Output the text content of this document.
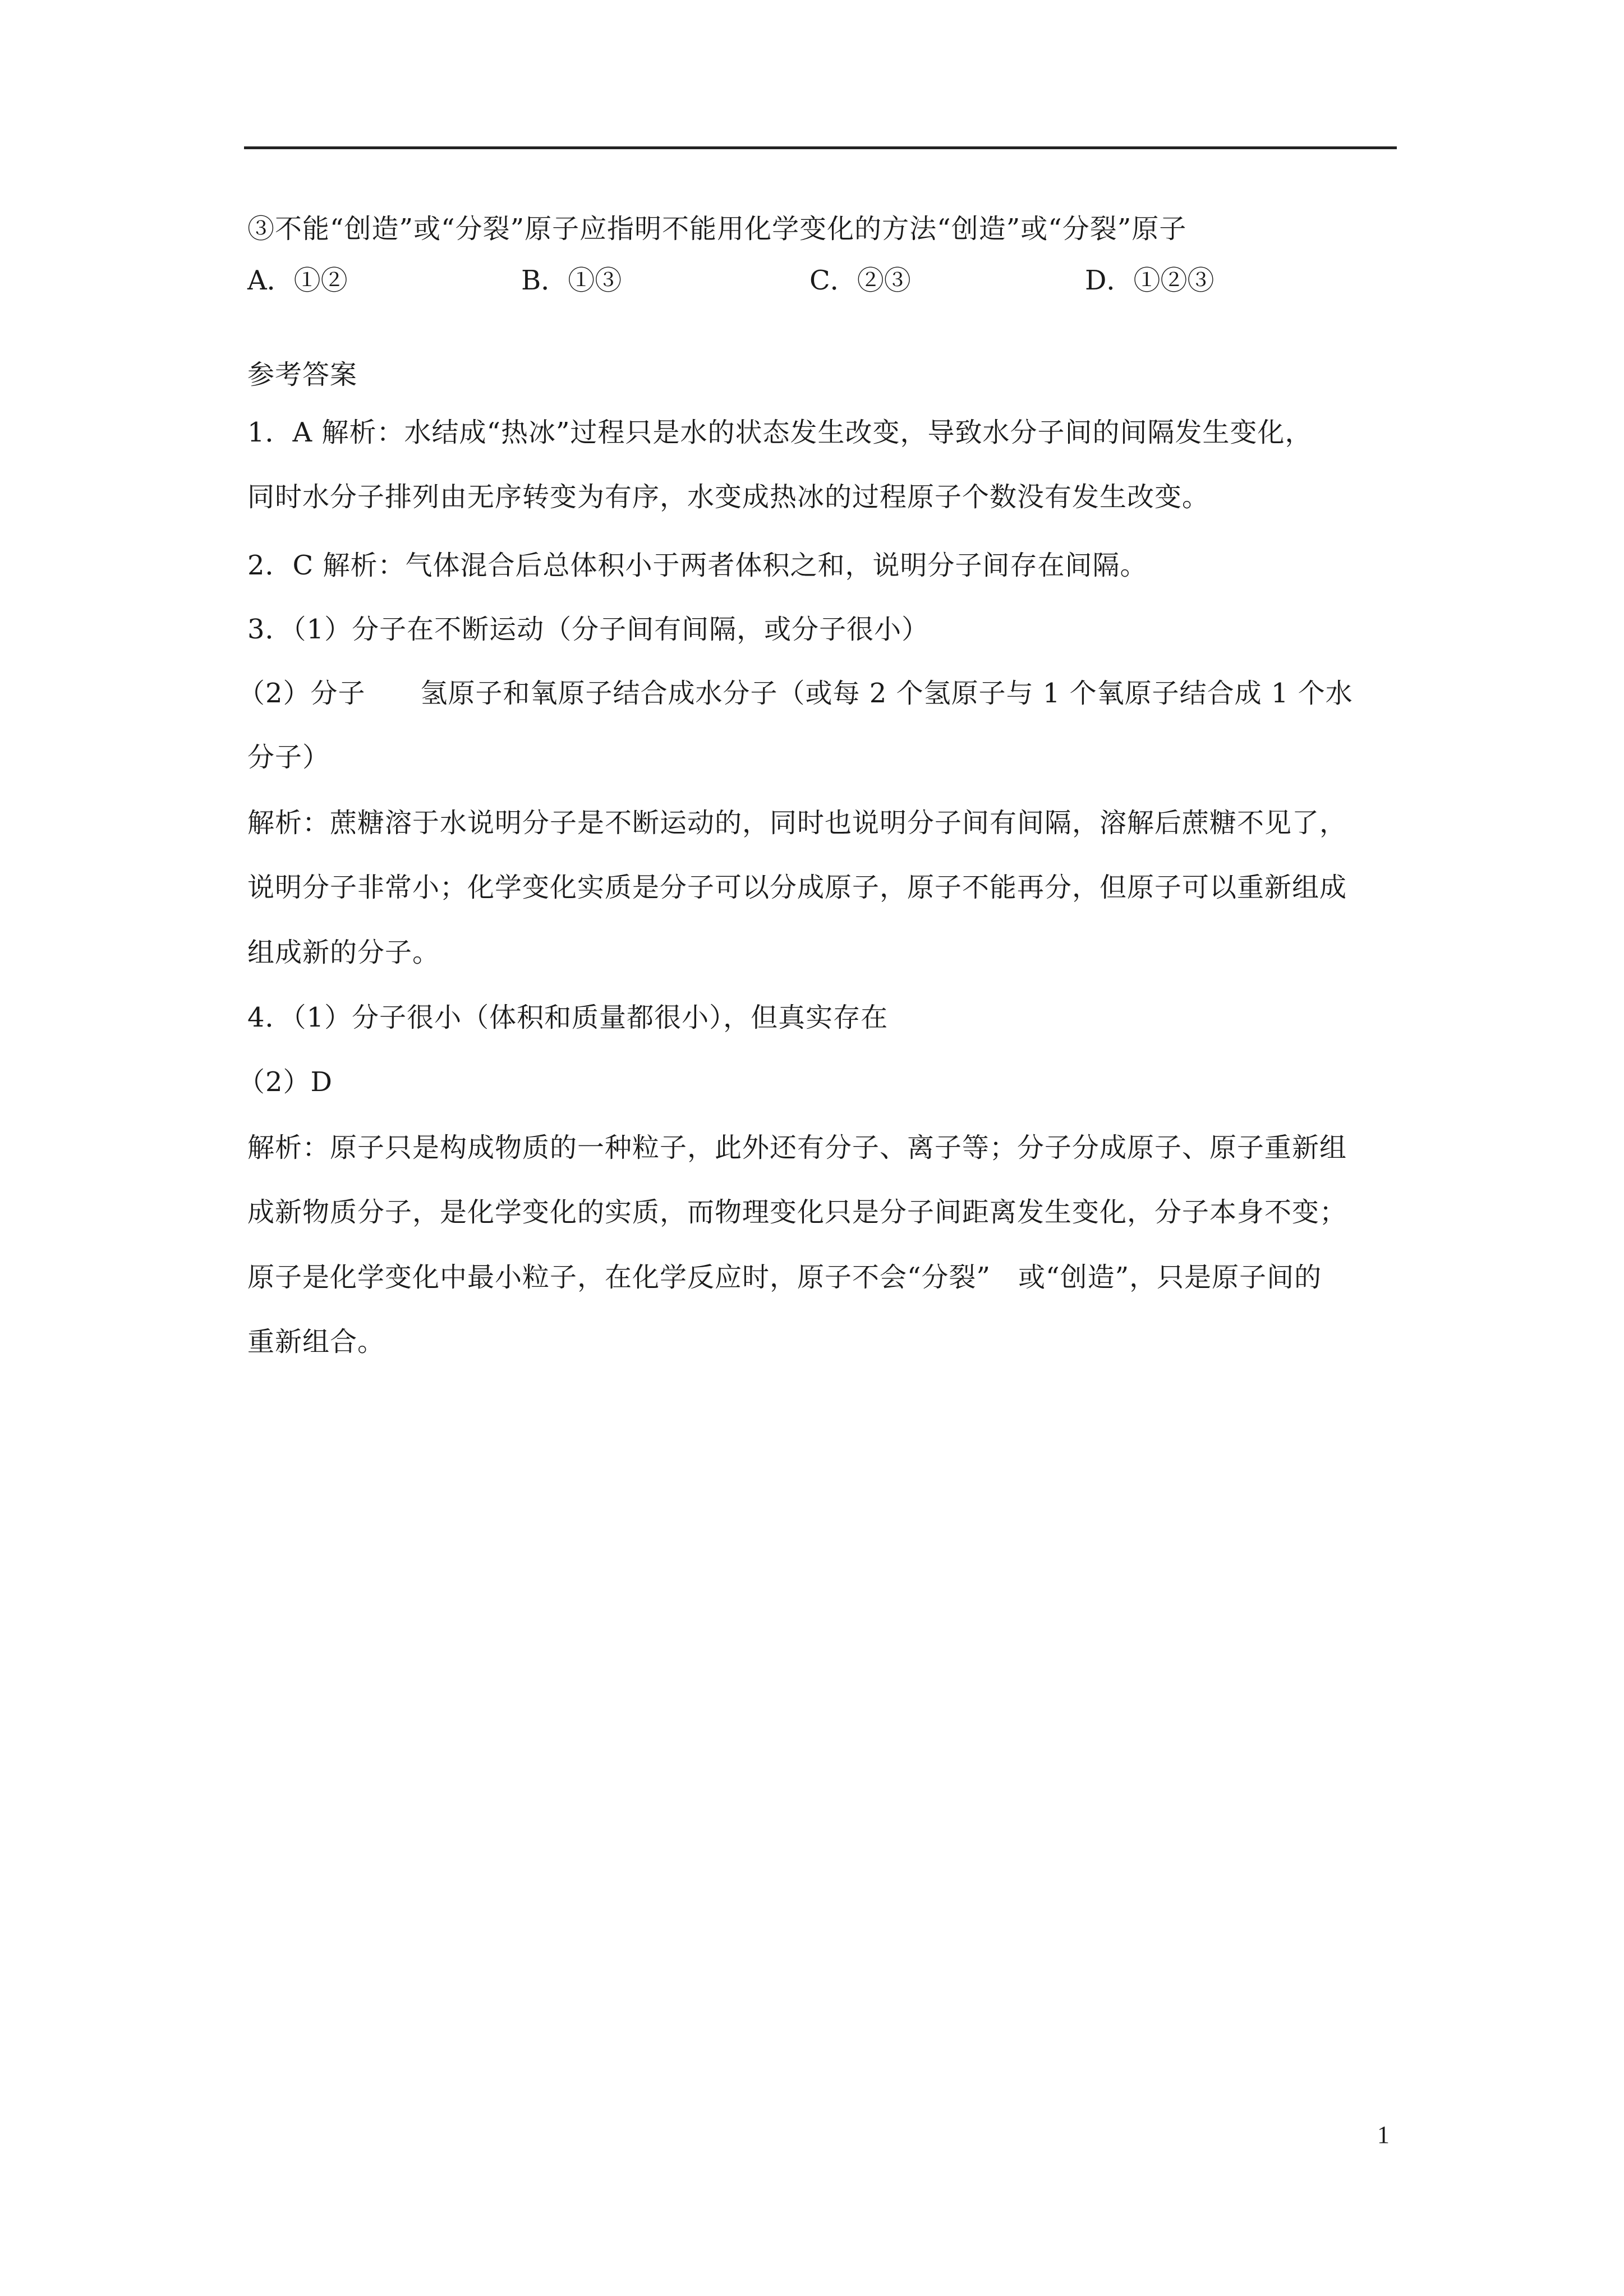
③不能“创造”或“分裂”原子应指明不能用化学变化的方法“创造”或“分裂”原子
A．①②	B．①③	C．②③	D．①②③
参考答案
1．A 解析：水结成“热冰”过程只是水的状态发生改变，导致水分子间的间隔发生变化，
同时水分子排列由无序转变为有序，水变成热冰的过程原子个数没有发生改变。
2．C 解析：气体混合后总体积小于两者体积之和，说明分子间存在间隔。
3．（1）分子在不断运动（分子间有间隔，或分子很小）
（2）分子　　氢原子和氧原子结合成水分子（或每 2 个氢原子与 1 个氧原子结合成 1 个水
分子）
解析：蔗糖溶于水说明分子是不断运动的，同时也说明分子间有间隔，溶解后蔗糖不见了，
说明分子非常小；化学变化实质是分子可以分成原子，原子不能再分，但原子可以重新组成
组成新的分子。
4．（1）分子很小（体积和质量都很小），但真实存在
（2）D
解析：原子只是构成物质的一种粒子，此外还有分子、离子等；分子分成原子、原子重新组
成新物质分子，是化学变化的实质，而物理变化只是分子间距离发生变化，分子本身不变；
原子是化学变化中最小粒子，在化学反应时，原子不会“分裂”　或“创造”，只是原子间的
重新组合。
1
